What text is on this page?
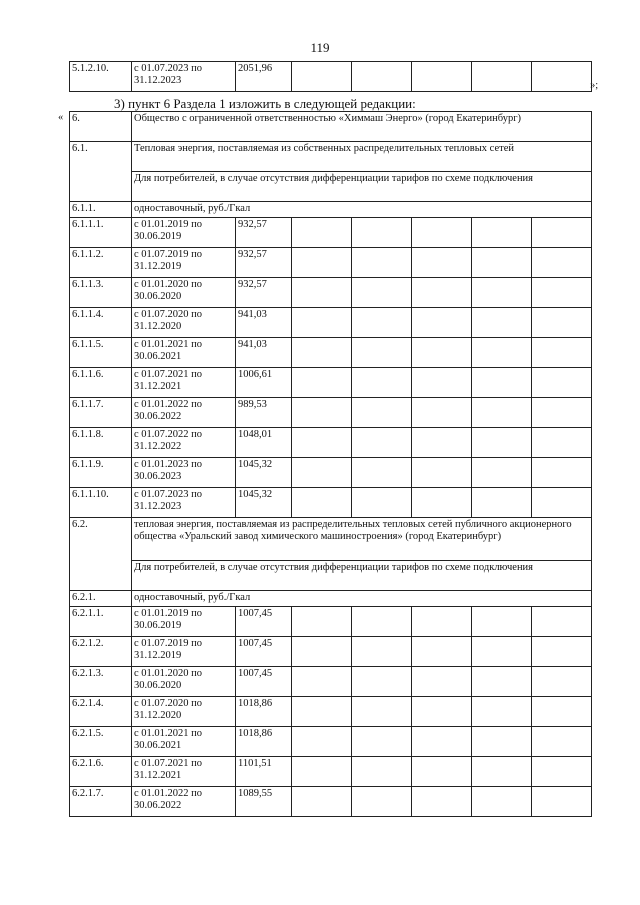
119
5.1.2.10.	с 01.07.2023 по 31.12.2023	2051,96					
»;
3) пункт 6 Раздела 1 изложить в следующей редакции:
« 6.	Общество с ограниченной ответственностью «Химмаш Энерго» (город Екатеринбург)						
6.1.	Тепловая энергия, поставляемая из собственных распределительных тепловых сетей						
	Для потребителей, в случае отсутствия дифференциации тарифов по схеме подключения						
6.1.1.	одноставочный, руб./Гкал						
6.1.1.1.	с 01.01.2019 по 30.06.2019	932,57					
6.1.1.2.	с 01.07.2019 по 31.12.2019	932,57					
6.1.1.3.	с 01.01.2020 по 30.06.2020	932,57					
6.1.1.4.	с 01.07.2020 по 31.12.2020	941,03					
6.1.1.5.	с 01.01.2021 по 30.06.2021	941,03					
6.1.1.6.	с 01.07.2021 по 31.12.2021	1006,61					
6.1.1.7.	с 01.01.2022 по 30.06.2022	989,53					
6.1.1.8.	с 01.07.2022 по 31.12.2022	1048,01					
6.1.1.9.	с 01.01.2023 по 30.06.2023	1045,32					
6.1.1.10.	с 01.07.2023 по 31.12.2023	1045,32					
6.2.	тепловая энергия, поставляемая из распределительных тепловых сетей публичного акционерного общества «Уральский завод химического машиностроения» (город Екатеринбург)						
	Для потребителей, в случае отсутствия дифференциации тарифов по схеме подключения						
6.2.1.	одноставочный, руб./Гкал						
6.2.1.1.	с 01.01.2019 по 30.06.2019	1007,45					
6.2.1.2.	с 01.07.2019 по 31.12.2019	1007,45					
6.2.1.3.	с 01.01.2020 по 30.06.2020	1007,45					
6.2.1.4.	с 01.07.2020 по 31.12.2020	1018,86					
6.2.1.5.	с 01.01.2021 по 30.06.2021	1018,86					
6.2.1.6.	с 01.07.2021 по 31.12.2021	1101,51					
6.2.1.7.	с 01.01.2022 по 30.06.2022	1089,55					
